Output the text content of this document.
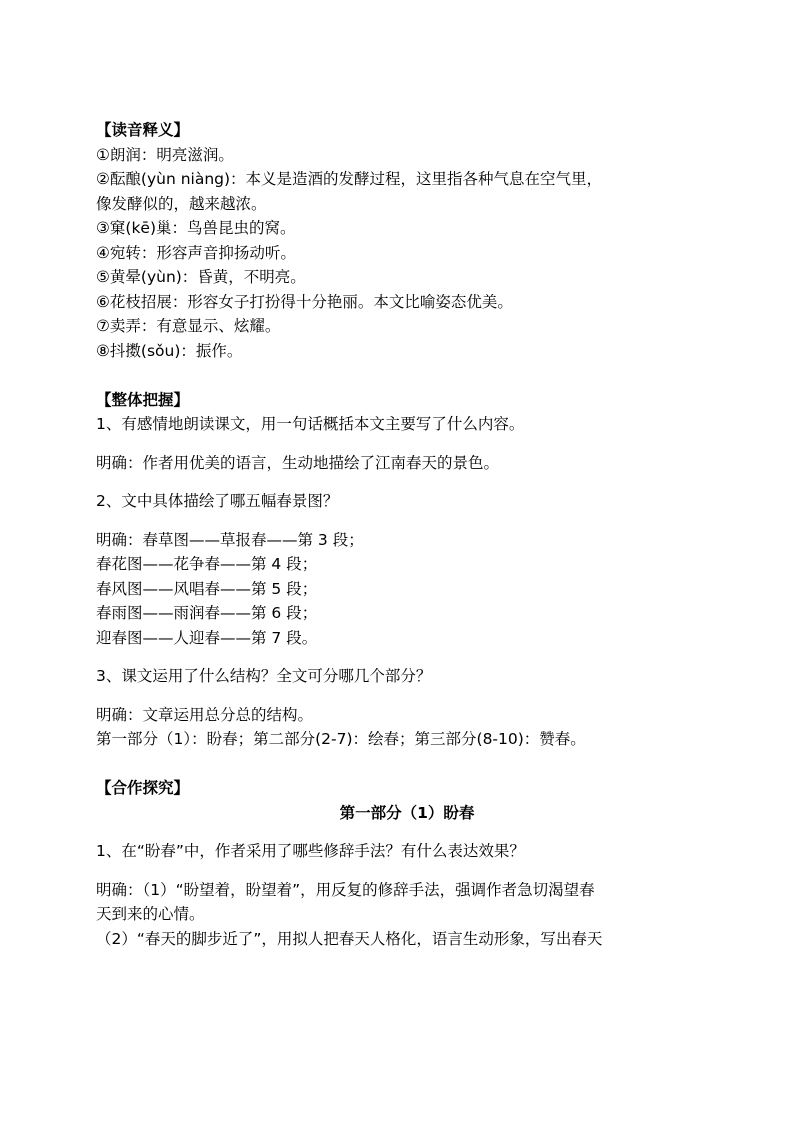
【读音释义】
①朗润：明亮滋润。
②酝酿(yùn niàng)：本义是造酒的发酵过程，这里指各种气息在空气里，
像发酵似的，越来越浓。
③窠(kē)巢：鸟兽昆虫的窝。
④宛转：形容声音抑扬动听。
⑤黄晕(yùn)：昏黄，不明亮。
⑥花枝招展：形容女子打扮得十分艳丽。本文比喻姿态优美。
⑦卖弄：有意显示、炫耀。
⑧抖擞(sǒu)：振作。
【整体把握】
1、有感情地朗读课文，用一句话概括本文主要写了什么内容。
明确：作者用优美的语言，生动地描绘了江南春天的景色。
2、文中具体描绘了哪五幅春景图？
明确：春草图——草报春——第 3 段；
春花图——花争春——第 4 段；
春风图——风唱春——第 5 段；
春雨图——雨润春——第 6 段；
迎春图——人迎春——第 7 段。
3、课文运用了什么结构？全文可分哪几个部分？
明确：文章运用总分总的结构。
第一部分（1）：盼春；第二部分(2-7)：绘春；第三部分(8-10)：赞春。
【合作探究】
第一部分（1）盼春
1、在“盼春”中，作者采用了哪些修辞手法？有什么表达效果？
明确：（1）“盼望着，盼望着”，用反复的修辞手法，强调作者急切渴望春
天到来的心情。
（2）“春天的脚步近了”，用拟人把春天人格化，语言生动形象，写出春天
